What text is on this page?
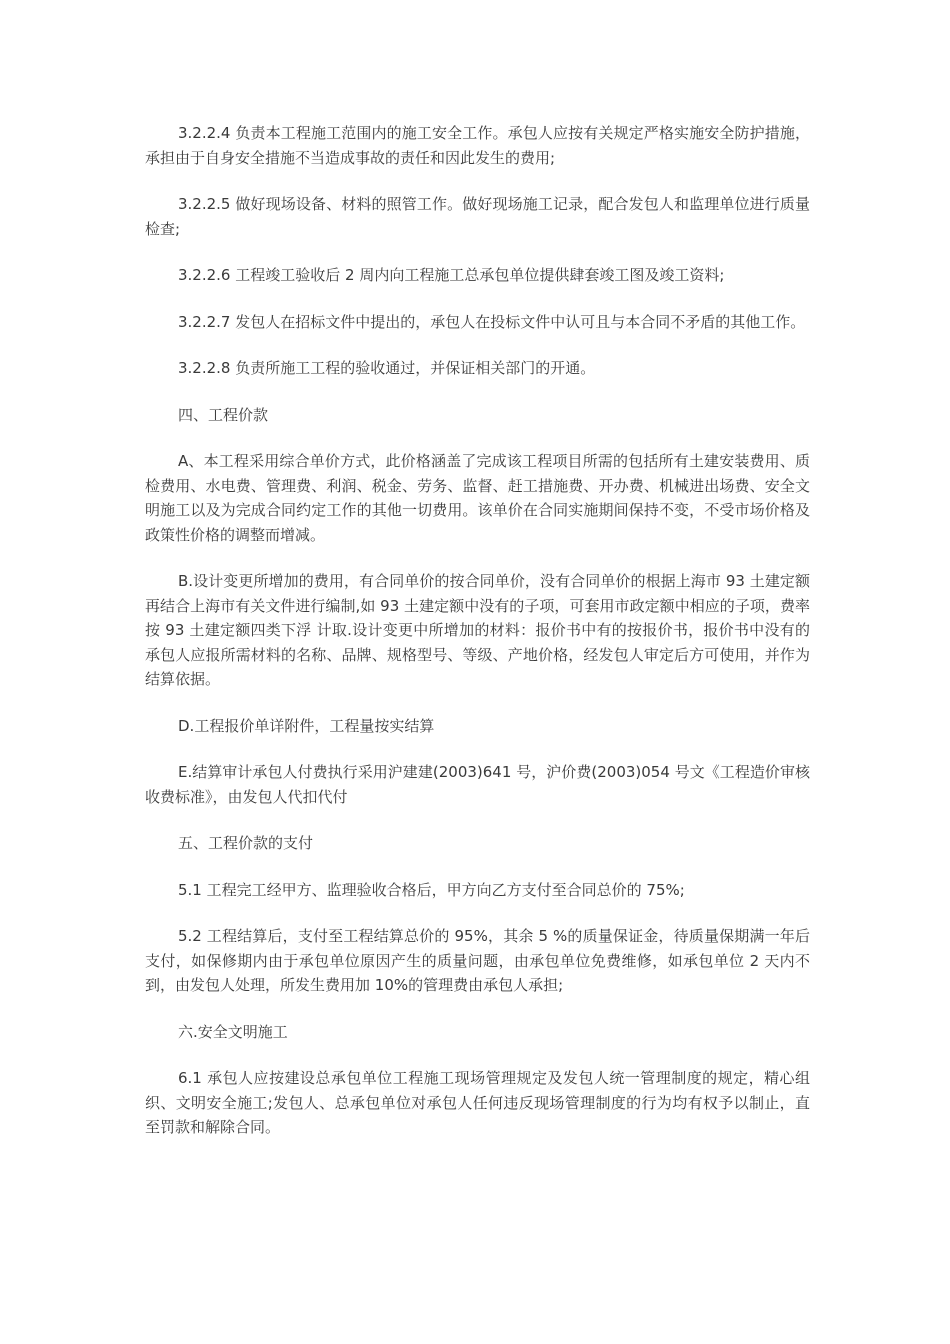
3.2.2.4 负责本工程施工范围内的施工安全工作。承包人应按有关规定严格实施安全防护措施，承担由于自身安全措施不当造成事故的责任和因此发生的费用;

3.2.2.5 做好现场设备、材料的照管工作。做好现场施工记录，配合发包人和监理单位进行质量检查;

3.2.2.6 工程竣工验收后 2 周内向工程施工总承包单位提供肆套竣工图及竣工资料;

3.2.2.7 发包人在招标文件中提出的，承包人在投标文件中认可且与本合同不矛盾的其他工作。

3.2.2.8 负责所施工工程的验收通过，并保证相关部门的开通。

四、工程价款

A、本工程采用综合单价方式，此价格涵盖了完成该工程项目所需的包括所有土建安装费用、质检费用、水电费、管理费、利润、税金、劳务、监督、赶工措施费、开办费、机械进出场费、安全文明施工以及为完成合同约定工作的其他一切费用。该单价在合同实施期间保持不变，不受市场价格及政策性价格的调整而增减。

B.设计变更所增加的费用，有合同单价的按合同单价，没有合同单价的根据上海市 93 土建定额再结合上海市有关文件进行编制,如 93 土建定额中没有的子项，可套用市政定额中相应的子项，费率按 93 土建定额四类下浮 计取.设计变更中所增加的材料：报价书中有的按报价书，报价书中没有的承包人应报所需材料的名称、品牌、规格型号、等级、产地价格，经发包人审定后方可使用，并作为结算依据。

D.工程报价单详附件，工程量按实结算

E.结算审计承包人付费执行采用沪建建(2003)641 号，沪价费(2003)054 号文《工程造价审核收费标准》，由发包人代扣代付

五、工程价款的支付

5.1 工程完工经甲方、监理验收合格后，甲方向乙方支付至合同总价的 75%;

5.2 工程结算后，支付至工程结算总价的 95%，其余 5 %的质量保证金，待质量保期满一年后支付，如保修期内由于承包单位原因产生的质量问题，由承包单位免费维修，如承包单位 2 天内不到，由发包人处理，所发生费用加 10%的管理费由承包人承担;

六.安全文明施工

6.1 承包人应按建设总承包单位工程施工现场管理规定及发包人统一管理制度的规定，精心组织、文明安全施工;发包人、总承包单位对承包人任何违反现场管理制度的行为均有权予以制止，直至罚款和解除合同。
